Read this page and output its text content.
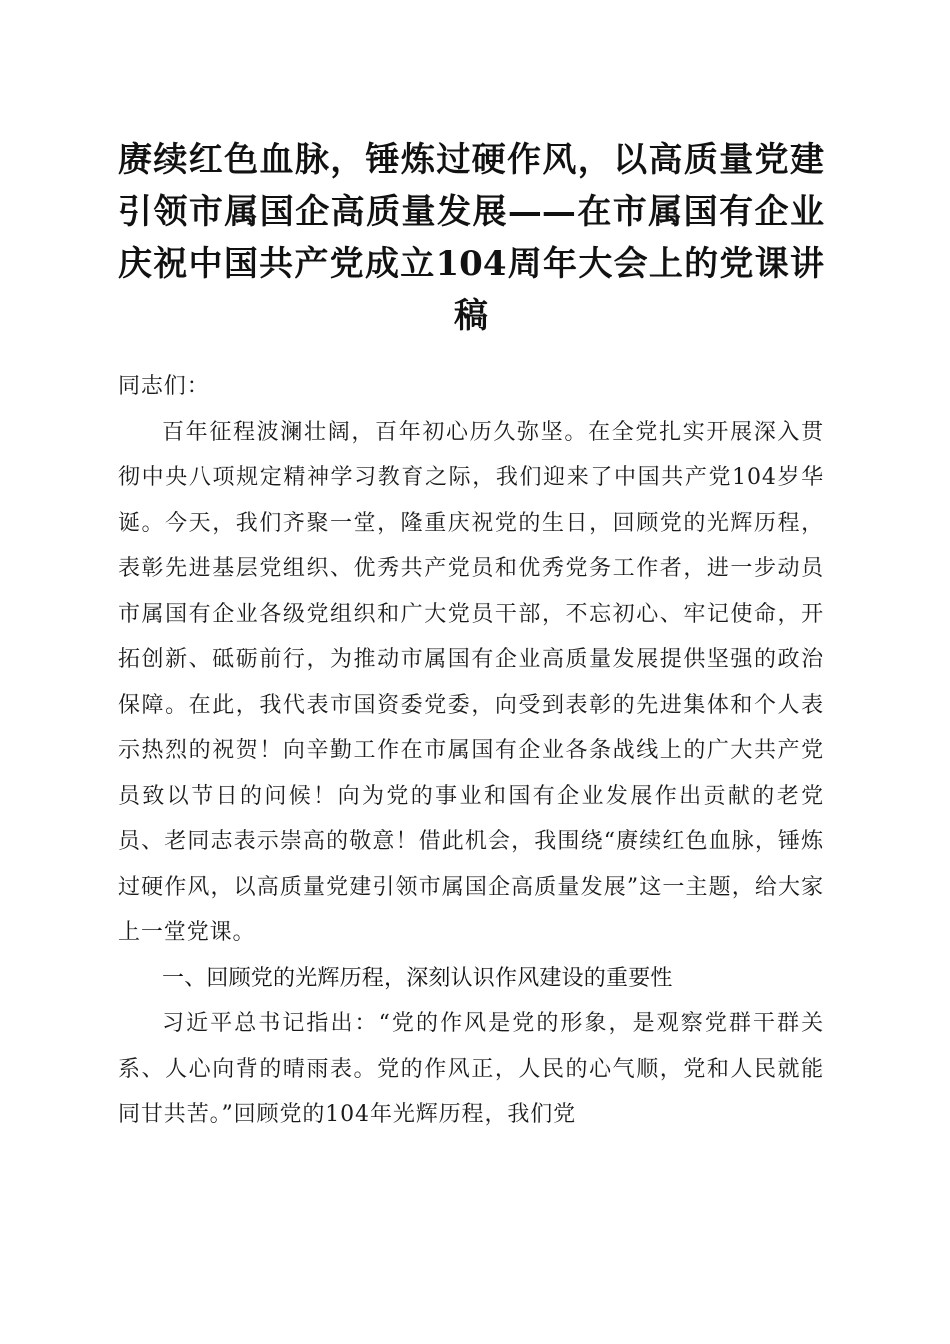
赓续红色血脉，锤炼过硬作风，以高质量党建引领市属国企高质量发展——在市属国有企业庆祝中国共产党成立104周年大会上的党课讲稿

同志们：

百年征程波澜壮阔，百年初心历久弥坚。在全党扎实开展深入贯彻中央八项规定精神学习教育之际，我们迎来了中国共产党104岁华诞。今天，我们齐聚一堂，隆重庆祝党的生日，回顾党的光辉历程，表彰先进基层党组织、优秀共产党员和优秀党务工作者，进一步动员市属国有企业各级党组织和广大党员干部，不忘初心、牢记使命，开拓创新、砥砺前行，为推动市属国有企业高质量发展提供坚强的政治保障。在此，我代表市国资委党委，向受到表彰的先进集体和个人表示热烈的祝贺！向辛勤工作在市属国有企业各条战线上的广大共产党员致以节日的问候！向为党的事业和国有企业发展作出贡献的老党员、老同志表示崇高的敬意！借此机会，我围绕“赓续红色血脉，锤炼过硬作风，以高质量党建引领市属国企高质量发展”这一主题，给大家上一堂党课。

一、回顾党的光辉历程，深刻认识作风建设的重要性

习近平总书记指出：“党的作风是党的形象，是观察党群干群关系、人心向背的晴雨表。党的作风正，人民的心气顺，党和人民就能同甘共苦。”回顾党的104年光辉历程，我们党
